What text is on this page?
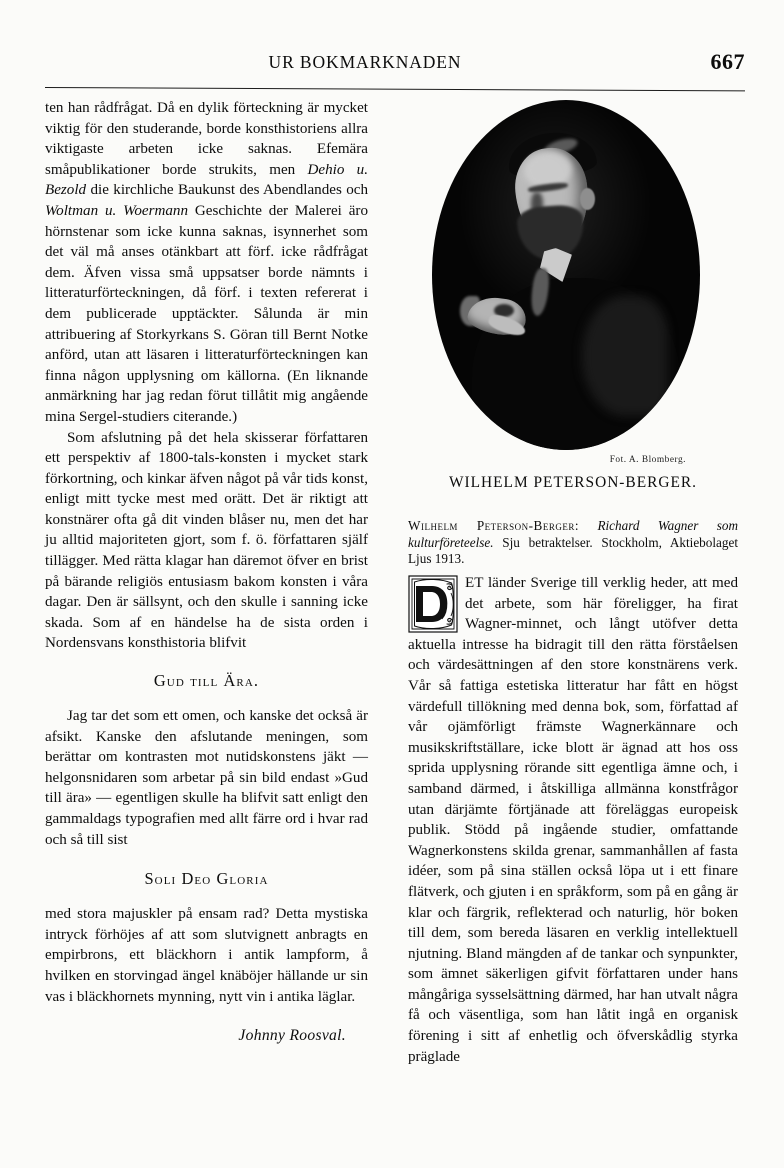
UR BOKMARKNADEN	667

ten han rådfrågat. Då en dylik förteckning är mycket viktig för den studerande, borde konsthistoriens allra viktigaste arbeten icke saknas. Efemära småpublikationer borde strukits, men Dehio u. Bezold die kirchliche Baukunst des Abendlandes och Woltman u. Woermann Geschichte der Malerei äro hörnstenar som icke kunna saknas, isynnerhet som det väl må anses otänkbart att förf. icke rådfrågat dem. Äfven vissa små uppsatser borde nämnts i litteraturförteckningen, då förf. i texten refererat i dem publicerade upptäckter. Sålunda är min attribuering af Storkyrkans S. Göran till Bernt Notke anförd, utan att läsaren i litteraturförteckningen kan finna någon upplysning om källorna. (En liknande anmärkning har jag redan förut tillåtit mig angående mina Sergel-studiers citerande.)

Som afslutning på det hela skisserar författaren ett perspektiv af 1800-tals-konsten i mycket stark förkortning, och kinkar äfven något på vår tids konst, enligt mitt tycke mest med orätt. Det är riktigt att konstnärer ofta gå dit vinden blåser nu, men det har ju alltid majoriteten gjort, som f. ö. författaren själf tillägger. Med rätta klagar han däremot öfver en brist på bärande religiös entusiasm bakom konsten i våra dagar. Den är sällsynt, och den skulle i sanning icke skada. Som af en händelse ha de sista orden i Nordensvans konsthistoria blifvit

Gud till Ära.

Jag tar det som ett omen, och kanske det också är afsikt. Kanske den afslutande meningen, som berättar om kontrasten mot nutidskonstens jäkt — helgonsnidaren som arbetar på sin bild endast »Gud till ära» — egentligen skulle ha blifvit satt enligt den gammaldags typografien med allt färre ord i hvar rad och så till sist

Soli Deo Gloria

med stora majuskler på ensam rad? Detta mystiska intryck förhöjes af att som slutvignett anbragts en empirbrons, ett bläckhorn i antik lampform, å hvilken en storvingad ängel knäböjer hällande ur sin vas i bläckhornets mynning, nytt vin i antika läglar.

Johnny Roosval.
Fot. A. Blomberg.
WILHELM PETERSON-BERGER.
Wilhelm Peterson-Berger: Richard Wagner som kulturföreteelse. Sju betraktelser. Stockholm, Aktiebolaget Ljus 1913.

ET länder Sverige till verklig heder, att med det arbete, som här föreligger, ha firat Wagner-minnet, och långt utöfver detta aktuella intresse ha bidragit till den rätta förståelsen och värdesättningen af den store konstnärens verk. Vår så fattiga estetiska litteratur har fått en högst värdefull tillökning med denna bok, som, författad af vår ojämförligt främste Wagnerkännare och musikskriftställare, icke blott är ägnad att hos oss sprida upplysning rörande sitt egentliga ämne och, i samband därmed, i åtskilliga allmänna konstfrågor utan därjämte förtjänade att föreläggas europeisk publik. Stödd på ingående studier, omfattande Wagnerkonstens skilda grenar, sammanhållen af fasta idéer, som på sina ställen också löpa ut i ett finare flätverk, och gjuten i en språkform, som på en gång är klar och färgrik, reflekterad och naturlig, hör boken till dem, som bereda läsaren en verklig intellektuell njutning. Bland mängden af de tankar och synpunkter, som ämnet säkerligen gifvit författaren under hans mångåriga sysselsättning därmed, har han utvalt några få och väsentliga, som han låtit ingå en organisk förening i sitt af enhetlig och öfverskådlig styrka präglade
